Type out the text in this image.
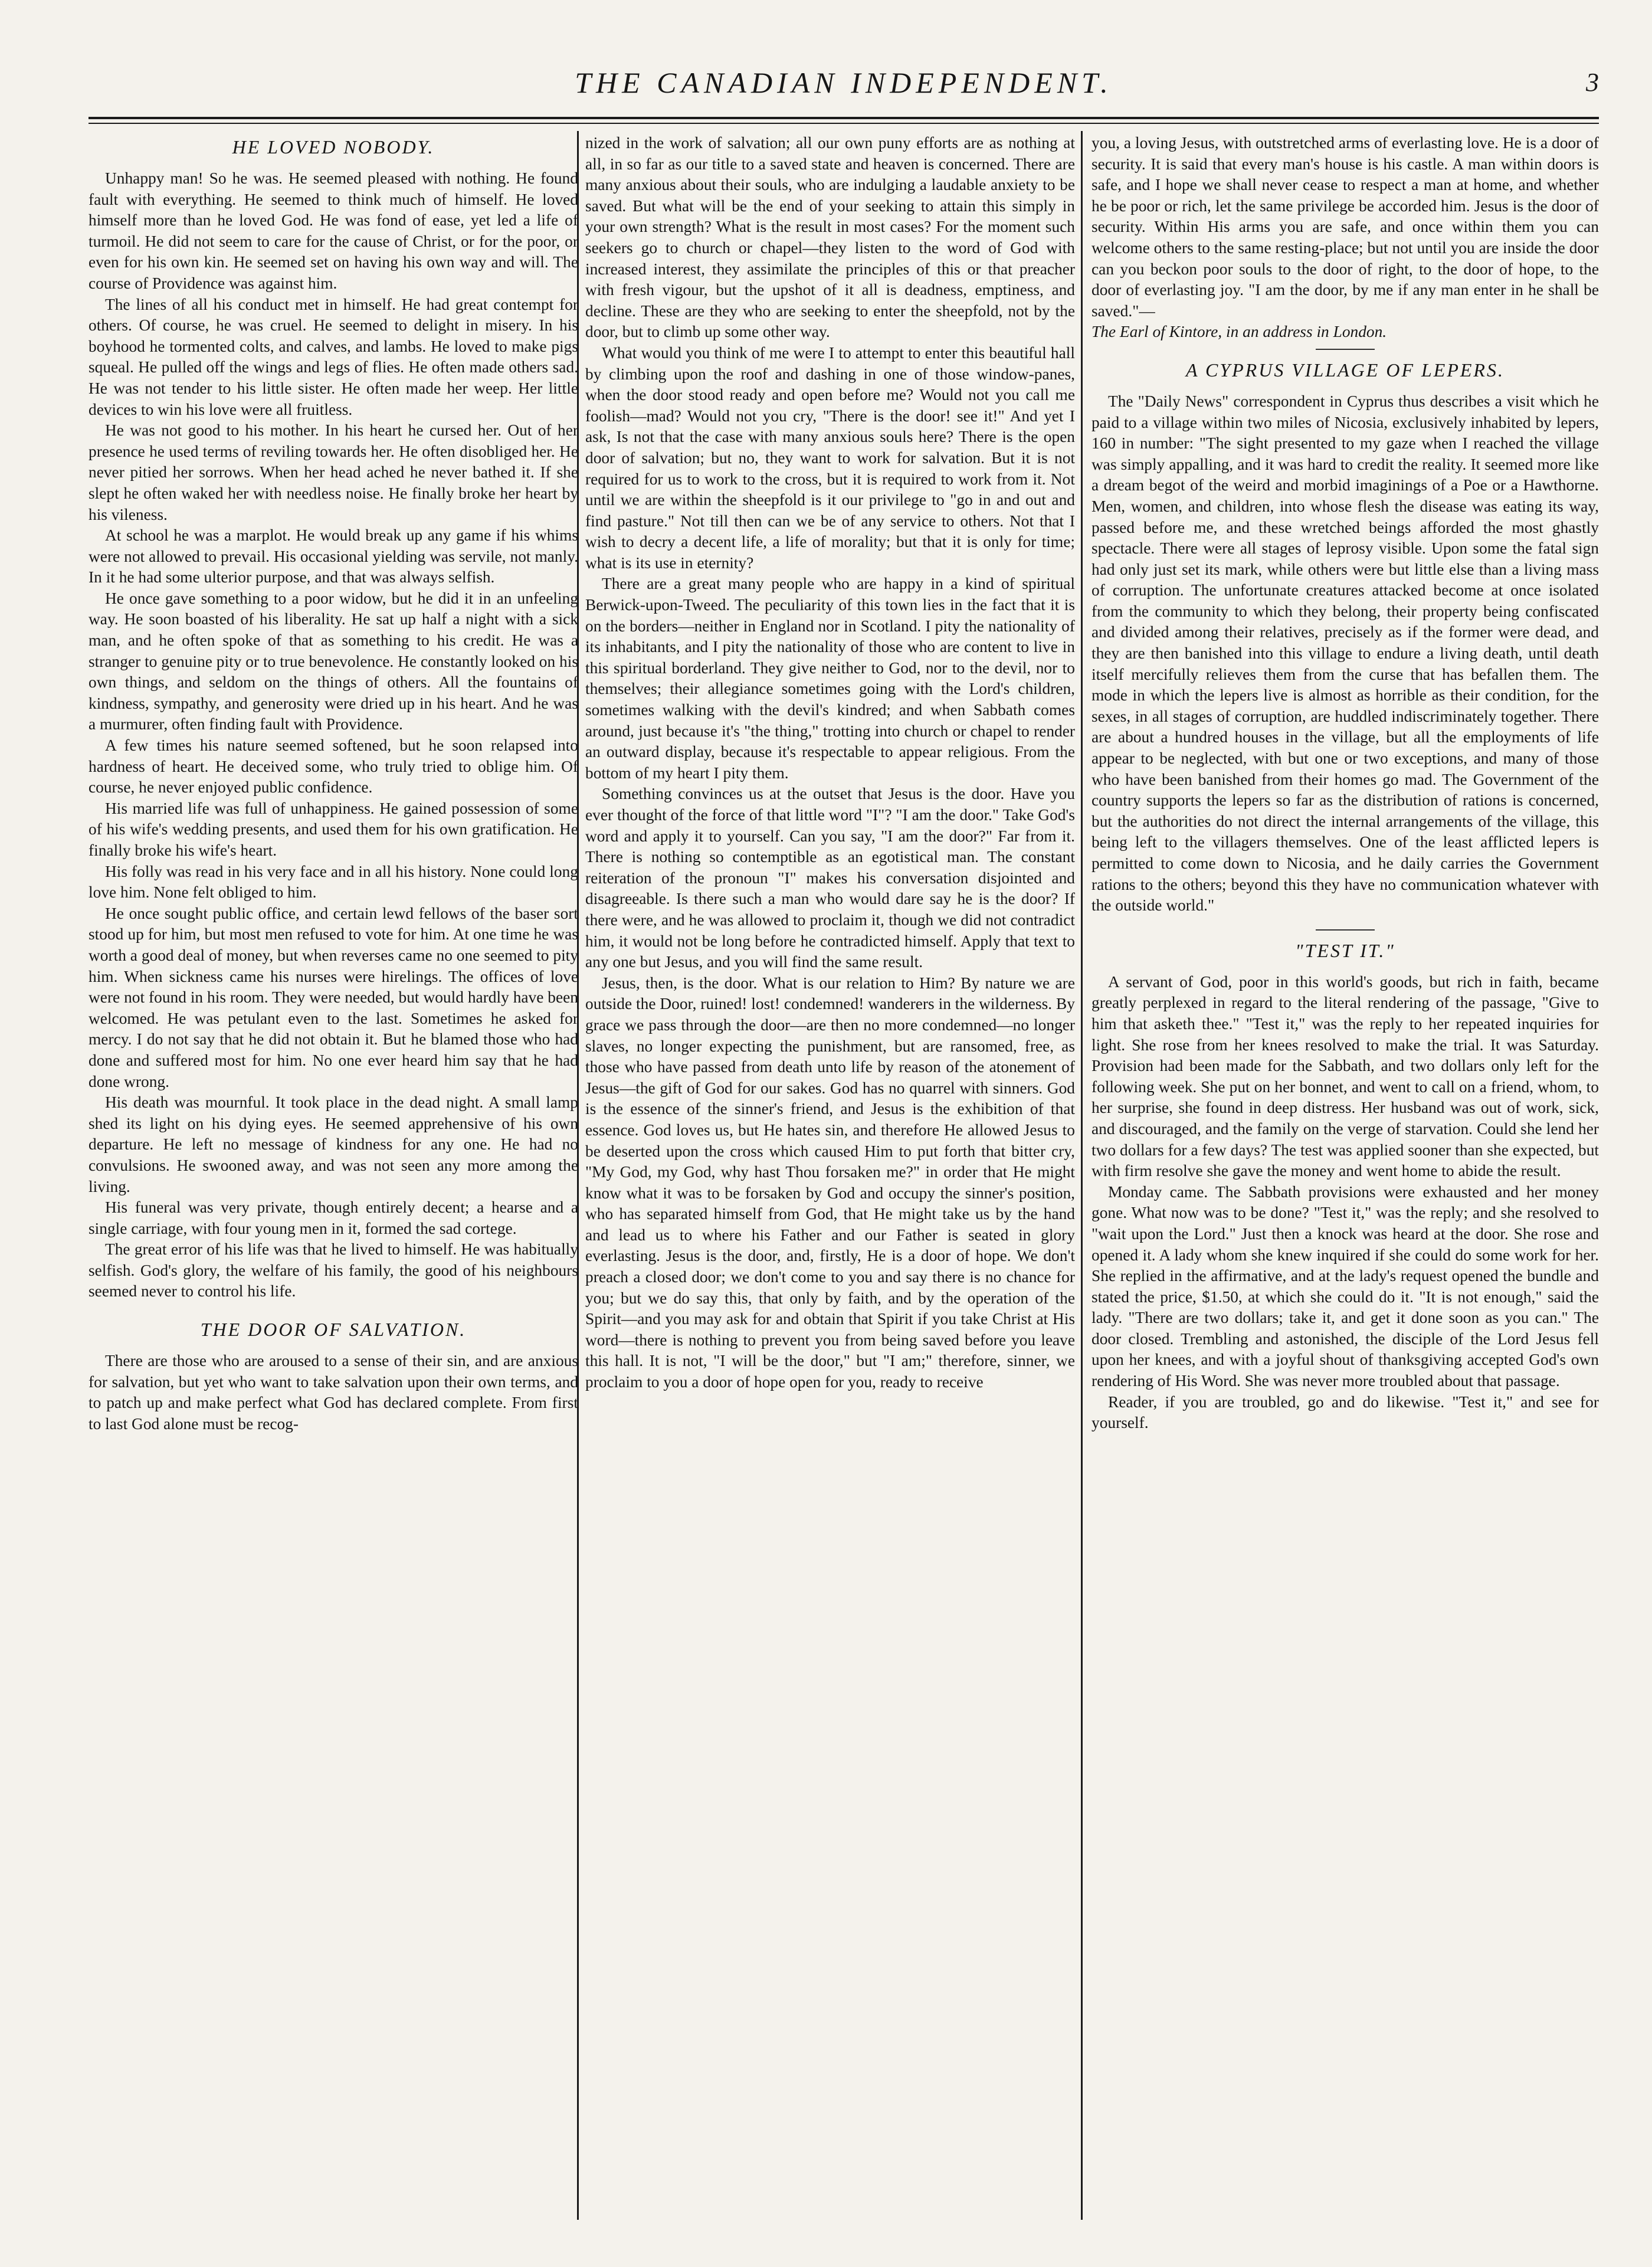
THE CANADIAN INDEPENDENT.	3
HE LOVED NOBODY.

Unhappy man! So he was. He seemed pleased with nothing. He found fault with everything. He seemed to think much of himself. He loved himself more than he loved God. He was fond of ease, yet led a life of turmoil. He did not seem to care for the cause of Christ, or for the poor, or even for his own kin. He seemed set on having his own way and will. The course of Providence was against him.

The lines of all his conduct met in himself. He had great contempt for others. Of course, he was cruel. He seemed to delight in misery. In his boyhood he tormented colts, and calves, and lambs. He loved to make pigs squeal. He pulled off the wings and legs of flies. He often made others sad. He was not tender to his little sister. He often made her weep. Her little devices to win his love were all fruitless.

He was not good to his mother. In his heart he cursed her. Out of her presence he used terms of reviling towards her. He often disobliged her. He never pitied her sorrows. When her head ached he never bathed it. If she slept he often waked her with needless noise. He finally broke her heart by his vileness.

At school he was a marplot. He would break up any game if his whims were not allowed to prevail. His occasional yielding was servile, not manly. In it he had some ulterior purpose, and that was always selfish.

He once gave something to a poor widow, but he did it in an unfeeling way. He soon boasted of his liberality. He sat up half a night with a sick man, and he often spoke of that as something to his credit. He was a stranger to genuine pity or to true benevolence. He constantly looked on his own things, and seldom on the things of others. All the fountains of kindness, sympathy, and generosity were dried up in his heart. And he was a murmurer, often finding fault with Providence.

A few times his nature seemed softened, but he soon relapsed into hardness of heart. He deceived some, who truly tried to oblige him. Of course, he never enjoyed public confidence.

His married life was full of unhappiness. He gained possession of some of his wife's wedding presents, and used them for his own gratification. He finally broke his wife's heart.

His folly was read in his very face and in all his history. None could long love him. None felt obliged to him.

He once sought public office, and certain lewd fellows of the baser sort stood up for him, but most men refused to vote for him. At one time he was worth a good deal of money, but when reverses came no one seemed to pity him. When sickness came his nurses were hirelings. The offices of love were not found in his room. They were needed, but would hardly have been welcomed. He was petulant even to the last. Sometimes he asked for mercy. I do not say that he did not obtain it. But he blamed those who had done and suffered most for him. No one ever heard him say that he had done wrong.

His death was mournful. It took place in the dead night. A small lamp shed its light on his dying eyes. He seemed apprehensive of his own departure. He left no message of kindness for any one. He had no convulsions. He swooned away, and was not seen any more among the living.

His funeral was very private, though entirely decent; a hearse and a single carriage, with four young men in it, formed the sad cortege.

The great error of his life was that he lived to himself. He was habitually selfish. God's glory, the welfare of his family, the good of his neighbours seemed never to control his life.

THE DOOR OF SALVATION.

There are those who are aroused to a sense of their sin, and are anxious for salvation, but yet who want to take salvation upon their own terms, and to patch up and make perfect what God has declared complete. From first to last God alone must be recog-

nized in the work of salvation; all our own puny efforts are as nothing at all, in so far as our title to a saved state and heaven is concerned. There are many anxious about their souls, who are indulging a laudable anxiety to be saved. But what will be the end of your seeking to attain this simply in your own strength? What is the result in most cases? For the moment such seekers go to church or chapel—they listen to the word of God with increased interest, they assimilate the principles of this or that preacher with fresh vigour, but the upshot of it all is deadness, emptiness, and decline. These are they who are seeking to enter the sheepfold, not by the door, but to climb up some other way.

What would you think of me were I to attempt to enter this beautiful hall by climbing upon the roof and dashing in one of those window-panes, when the door stood ready and open before me? Would not you call me foolish—mad? Would not you cry, "There is the door! see it!" And yet I ask, Is not that the case with many anxious souls here? There is the open door of salvation; but no, they want to work for salvation. But it is not required for us to work to the cross, but it is required to work from it. Not until we are within the sheepfold is it our privilege to "go in and out and find pasture." Not till then can we be of any service to others. Not that I wish to decry a decent life, a life of morality; but that it is only for time; what is its use in eternity?

There are a great many people who are happy in a kind of spiritual Berwick-upon-Tweed. The peculiarity of this town lies in the fact that it is on the borders—neither in England nor in Scotland. I pity the nationality of its inhabitants, and I pity the nationality of those who are content to live in this spiritual borderland. They give neither to God, nor to the devil, nor to themselves; their allegiance sometimes going with the Lord's children, sometimes walking with the devil's kindred; and when Sabbath comes around, just because it's "the thing," trotting into church or chapel to render an outward display, because it's respectable to appear religious. From the bottom of my heart I pity them.

Something convinces us at the outset that Jesus is the door. Have you ever thought of the force of that little word "I"? "I am the door." Take God's word and apply it to yourself. Can you say, "I am the door?" Far from it. There is nothing so contemptible as an egotistical man. The constant reiteration of the pronoun "I" makes his conversation disjointed and disagreeable. Is there such a man who would dare say he is the door? If there were, and he was allowed to proclaim it, though we did not contradict him, it would not be long before he contradicted himself. Apply that text to any one but Jesus, and you will find the same result.

Jesus, then, is the door. What is our relation to Him? By nature we are outside the Door, ruined! lost! condemned! wanderers in the wilderness. By grace we pass through the door—are then no more condemned—no longer slaves, no longer expecting the punishment, but are ransomed, free, as those who have passed from death unto life by reason of the atonement of Jesus—the gift of God for our sakes. God has no quarrel with sinners. God is the essence of the sinner's friend, and Jesus is the exhibition of that essence. God loves us, but He hates sin, and therefore He allowed Jesus to be deserted upon the cross which caused Him to put forth that bitter cry, "My God, my God, why hast Thou forsaken me?" in order that He might know what it was to be forsaken by God and occupy the sinner's position, who has separated himself from God, that He might take us by the hand and lead us to where his Father and our Father is seated in glory everlasting. Jesus is the door, and, firstly, He is a door of hope. We don't preach a closed door; we don't come to you and say there is no chance for you; but we do say this, that only by faith, and by the operation of the Spirit—and you may ask for and obtain that Spirit if you take Christ at His word—there is nothing to prevent you from being saved before you leave this hall. It is not, "I will be the door," but "I am;" therefore, sinner, we proclaim to you a door of hope open for you, ready to receive

you, a loving Jesus, with outstretched arms of everlasting love. He is a door of security. It is said that every man's house is his castle. A man within doors is safe, and I hope we shall never cease to respect a man at home, and whether he be poor or rich, let the same privilege be accorded him. Jesus is the door of security. Within His arms you are safe, and once within them you can welcome others to the same resting-place; but not until you are inside the door can you beckon poor souls to the door of right, to the door of hope, to the door of everlasting joy. "I am the door, by me if any man enter in he shall be saved."—

The Earl of Kintore, in an address in London.

A CYPRUS VILLAGE OF LEPERS.

The "Daily News" correspondent in Cyprus thus describes a visit which he paid to a village within two miles of Nicosia, exclusively inhabited by lepers, 160 in number: "The sight presented to my gaze when I reached the village was simply appalling, and it was hard to credit the reality. It seemed more like a dream begot of the weird and morbid imaginings of a Poe or a Hawthorne. Men, women, and children, into whose flesh the disease was eating its way, passed before me, and these wretched beings afforded the most ghastly spectacle. There were all stages of leprosy visible. Upon some the fatal sign had only just set its mark, while others were but little else than a living mass of corruption. The unfortunate creatures attacked become at once isolated from the community to which they belong, their property being confiscated and divided among their relatives, precisely as if the former were dead, and they are then banished into this village to endure a living death, until death itself mercifully relieves them from the curse that has befallen them. The mode in which the lepers live is almost as horrible as their condition, for the sexes, in all stages of corruption, are huddled indiscriminately together. There are about a hundred houses in the village, but all the employments of life appear to be neglected, with but one or two exceptions, and many of those who have been banished from their homes go mad. The Government of the country supports the lepers so far as the distribution of rations is concerned, but the authorities do not direct the internal arrangements of the village, this being left to the villagers themselves. One of the least afflicted lepers is permitted to come down to Nicosia, and he daily carries the Government rations to the others; beyond this they have no communication whatever with the outside world."

"TEST IT."

A servant of God, poor in this world's goods, but rich in faith, became greatly perplexed in regard to the literal rendering of the passage, "Give to him that asketh thee." "Test it," was the reply to her repeated inquiries for light. She rose from her knees resolved to make the trial. It was Saturday. Provision had been made for the Sabbath, and two dollars only left for the following week. She put on her bonnet, and went to call on a friend, whom, to her surprise, she found in deep distress. Her husband was out of work, sick, and discouraged, and the family on the verge of starvation. Could she lend her two dollars for a few days? The test was applied sooner than she expected, but with firm resolve she gave the money and went home to abide the result.

Monday came. The Sabbath provisions were exhausted and her money gone. What now was to be done? "Test it," was the reply; and she resolved to "wait upon the Lord." Just then a knock was heard at the door. She rose and opened it. A lady whom she knew inquired if she could do some work for her. She replied in the affirmative, and at the lady's request opened the bundle and stated the price, $1.50, at which she could do it. "It is not enough," said the lady. "There are two dollars; take it, and get it done soon as you can." The door closed. Trembling and astonished, the disciple of the Lord Jesus fell upon her knees, and with a joyful shout of thanksgiving accepted God's own rendering of His Word. She was never more troubled about that passage.

Reader, if you are troubled, go and do likewise. "Test it," and see for yourself.
